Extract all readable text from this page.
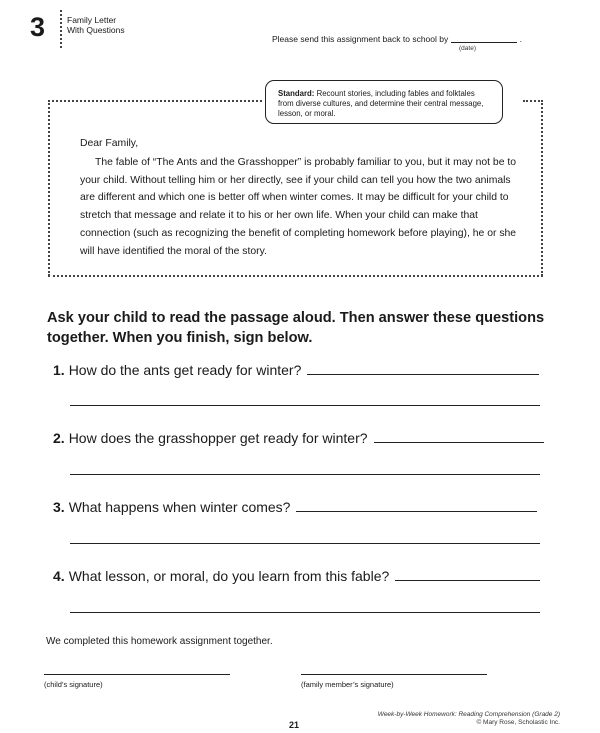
3	Family Letter
With Questions
Please send this assignment back to school by	.
(date)
Standard: Recount stories, including fables and folktales from diverse cultures, and determine their central message, lesson, or moral.

Dear Family,

The fable of “The Ants and the Grasshopper” is probably familiar to you, but it may not be to your child. Without telling him or her directly, see if your child can tell you how the two animals are different and which one is better off when winter comes. It may be difficult for your child to stretch that message and relate it to his or her own life. When your child can make that connection (such as recognizing the benefit of completing homework before playing), he or she will have identified the moral of the story.

Ask your child to read the passage aloud. Then answer these questions together. When you finish, sign below.
1. How do the ants get ready for winter?
2. How does the grasshopper get ready for winter?
3. What happens when winter comes?
4. What lesson, or moral, do you learn from this fable?
We completed this homework assignment together.
(child’s signature)	(family member’s signature)
21
Week-by-Week Homework: Reading Comprehension (Grade 2)
© Mary Rose, Scholastic Inc.
